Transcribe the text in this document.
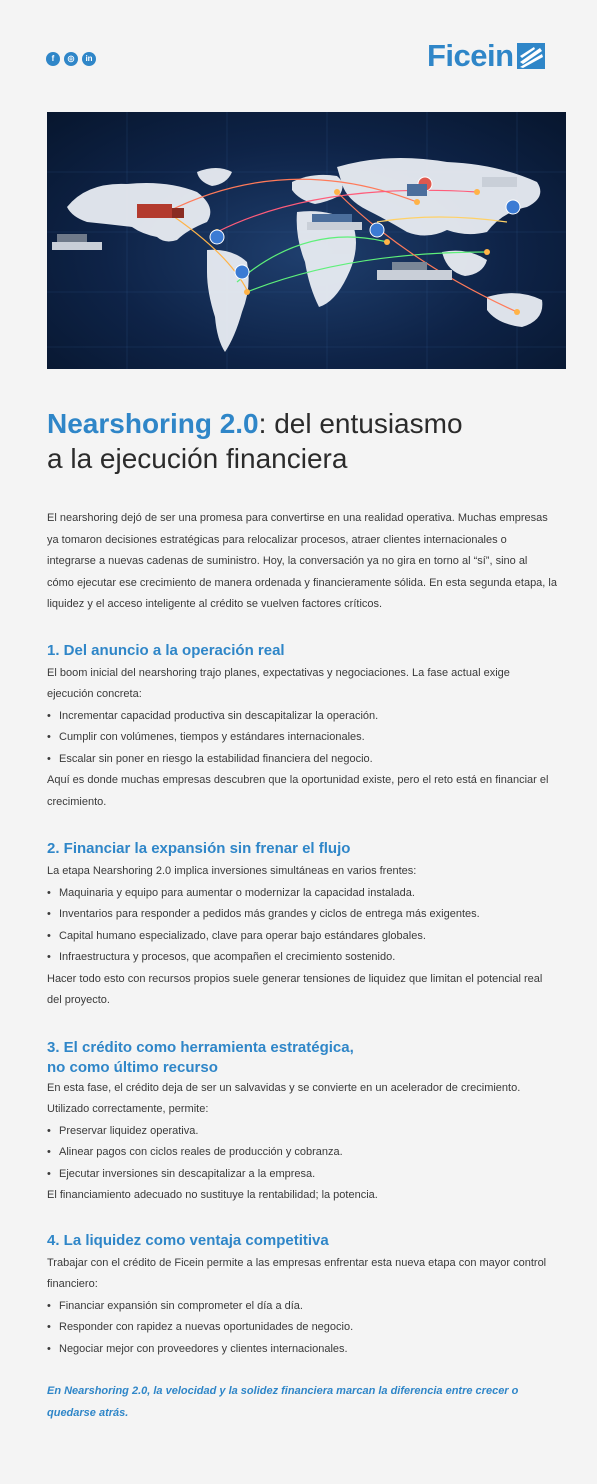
f	◎	in	Ficein
Nearshoring 2.0: del entusiasmo
a la ejecución financiera

El nearshoring dejó de ser una promesa para convertirse en una realidad operativa. Muchas empresas ya tomaron decisiones estratégicas para relocalizar procesos, atraer clientes internacionales o integrarse a nuevas cadenas de suministro. Hoy, la conversación ya no gira en torno al “sí”, sino al cómo ejecutar ese crecimiento de manera ordenada y financieramente sólida. En esta segunda etapa, la liquidez y el acceso inteligente al crédito se vuelven factores críticos.

1. Del anuncio a la operación real

El boom inicial del nearshoring trajo planes, expectativas y negociaciones. La fase actual exige ejecución concreta:

• Incrementar capacidad productiva sin descapitalizar la operación.
• Cumplir con volúmenes, tiempos y estándares internacionales.
• Escalar sin poner en riesgo la estabilidad financiera del negocio.

Aquí es donde muchas empresas descubren que la oportunidad existe, pero el reto está en financiar el crecimiento.

2. Financiar la expansión sin frenar el flujo

La etapa Nearshoring 2.0 implica inversiones simultáneas en varios frentes:

• Maquinaria y equipo para aumentar o modernizar la capacidad instalada.
• Inventarios para responder a pedidos más grandes y ciclos de entrega más exigentes.
• Capital humano especializado, clave para operar bajo estándares globales.
• Infraestructura y procesos, que acompañen el crecimiento sostenido.

Hacer todo esto con recursos propios suele generar tensiones de liquidez que limitan el potencial real del proyecto.

3. El crédito como herramienta estratégica,
no como último recurso

En esta fase, el crédito deja de ser un salvavidas y se convierte en un acelerador de crecimiento. Utilizado correctamente, permite:

• Preservar liquidez operativa.
• Alinear pagos con ciclos reales de producción y cobranza.
• Ejecutar inversiones sin descapitalizar a la empresa.

El financiamiento adecuado no sustituye la rentabilidad; la potencia.

4. La liquidez como ventaja competitiva

Trabajar con el crédito de Ficein permite a las empresas enfrentar esta nueva etapa con mayor control financiero:

• Financiar expansión sin comprometer el día a día.
• Responder con rapidez a nuevas oportunidades de negocio.
• Negociar mejor con proveedores y clientes internacionales.

En Nearshoring 2.0, la velocidad y la solidez financiera marcan la diferencia entre crecer o quedarse atrás.
